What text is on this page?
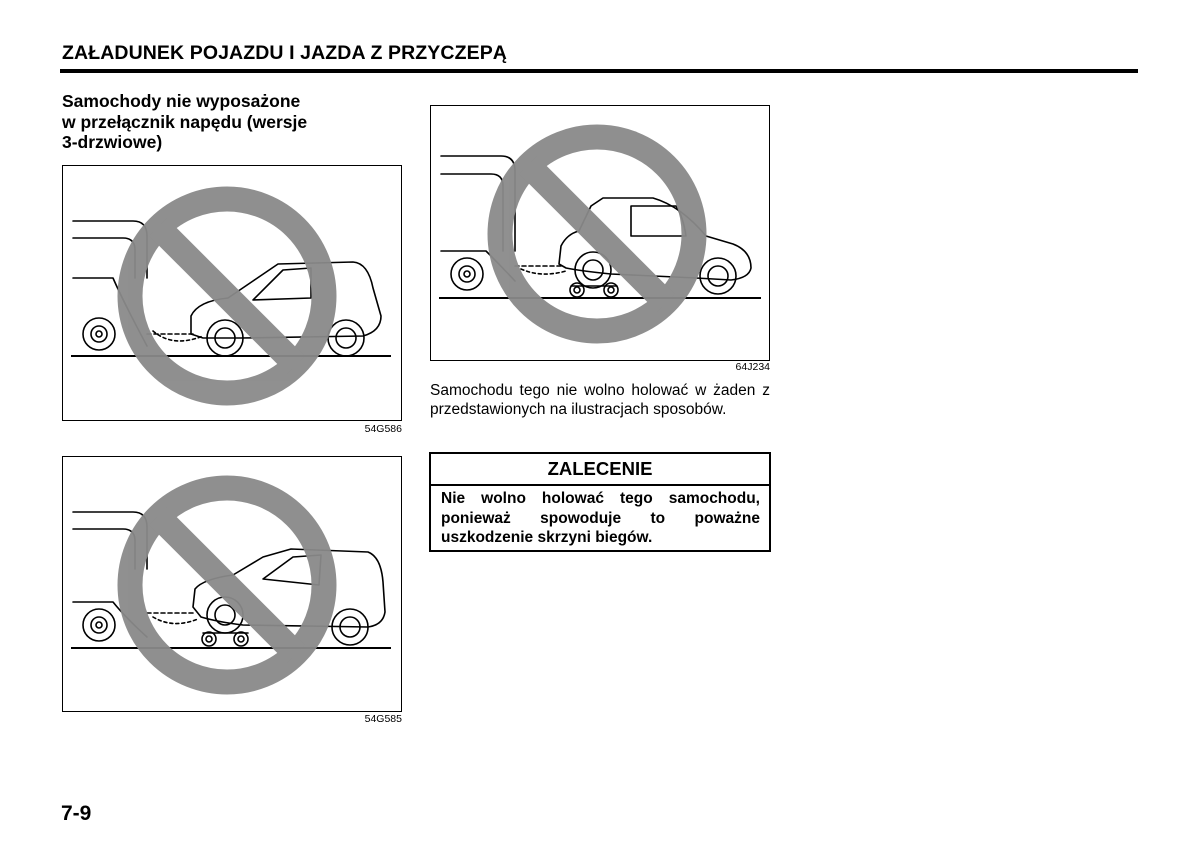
ZAŁADUNEK POJAZDU I JAZDA Z PRZYCZEPĄ
Samochody nie wyposażone
w przełącznik napędu (wersje
3-drzwiowe)
54G586
54G585
64J234
Samochodu tego nie wolno holować w żaden z przedstawionych na ilustracjach sposobów.
ZALECENIE
Nie wolno holować tego samochodu, ponieważ spowoduje to poważne uszkodzenie skrzyni biegów.
7-9
